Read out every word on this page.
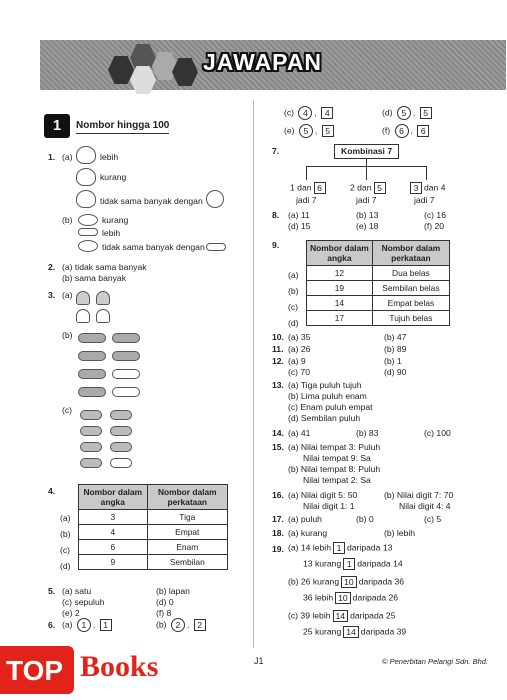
JAWAPAN
1	Nombor hingga 100
1. (a)	lebih
kurang
tidak sama banyak dengan
(b)	kurang
lebih
tidak sama banyak dengan
2. (a) tidak sama banyak
(b) sama banyak
3. (a)
(b)
(c)
4.	Nombor dalam angka	Nombor dalam perkataan
3	Tiga
4	Empat
6	Enam
9	Sembilan
(a)
(b)
(c)
(d)
5. (a) satu	(b) lapan
(c) sepuluh	(d) 0
(e) 2	(f) 8
6. (a) 1 , 1	(b) 2 , 2
(c) 4 , 4	(d) 5 , 5
(e) 5 , 5	(f) 6 , 6
7.	Kombinasi 7
1 dan 6
jadi 7
2 dan 5
jadi 7
3 dan 4
jadi 7
8. (a) 11	(b) 13	(c) 16
(d) 15	(e) 18	(f) 20
9.	Nombor dalam angka	Nombor dalam perkataan
12	Dua belas
19	Sembilan belas
14	Empat belas
17	Tujuh belas
(a)
(b)
(c)
(d)
10. (a) 35	(b) 47
11. (a) 26	(b) 89
12. (a) 9	(b) 1
(c) 70	(d) 90
13. (a) Tiga puluh tujuh
(b) Lima puluh enam
(c) Enam puluh empat
(d) Sembilan puluh
14. (a) 41	(b) 83	(c) 100
15. (a) Nilai tempat 3: Puluh
Nilai tempat 9: Sa
(b) Nilai tempat 8: Puluh
Nilai tempat 2: Sa
16. (a) Nilai digit 5: 50
Nilai digit 1: 1
(b) Nilai digit 7: 70
Nilai digit 4: 4
17. (a) puluh	(b) 0	(c) 5
18. (a) kurang	(b) lebih
19. (a) 14 lebih 1 daripada 13
13 kurang 1 daripada 14
(b) 26 kurang 10 daripada 36
36 lebih 10 daripada 26
(c) 39 lebih 14 daripada 25
25 kurang 14 daripada 39
J1	© Penerbitan Pelangi Sdn. Bhd.
TOP Books
